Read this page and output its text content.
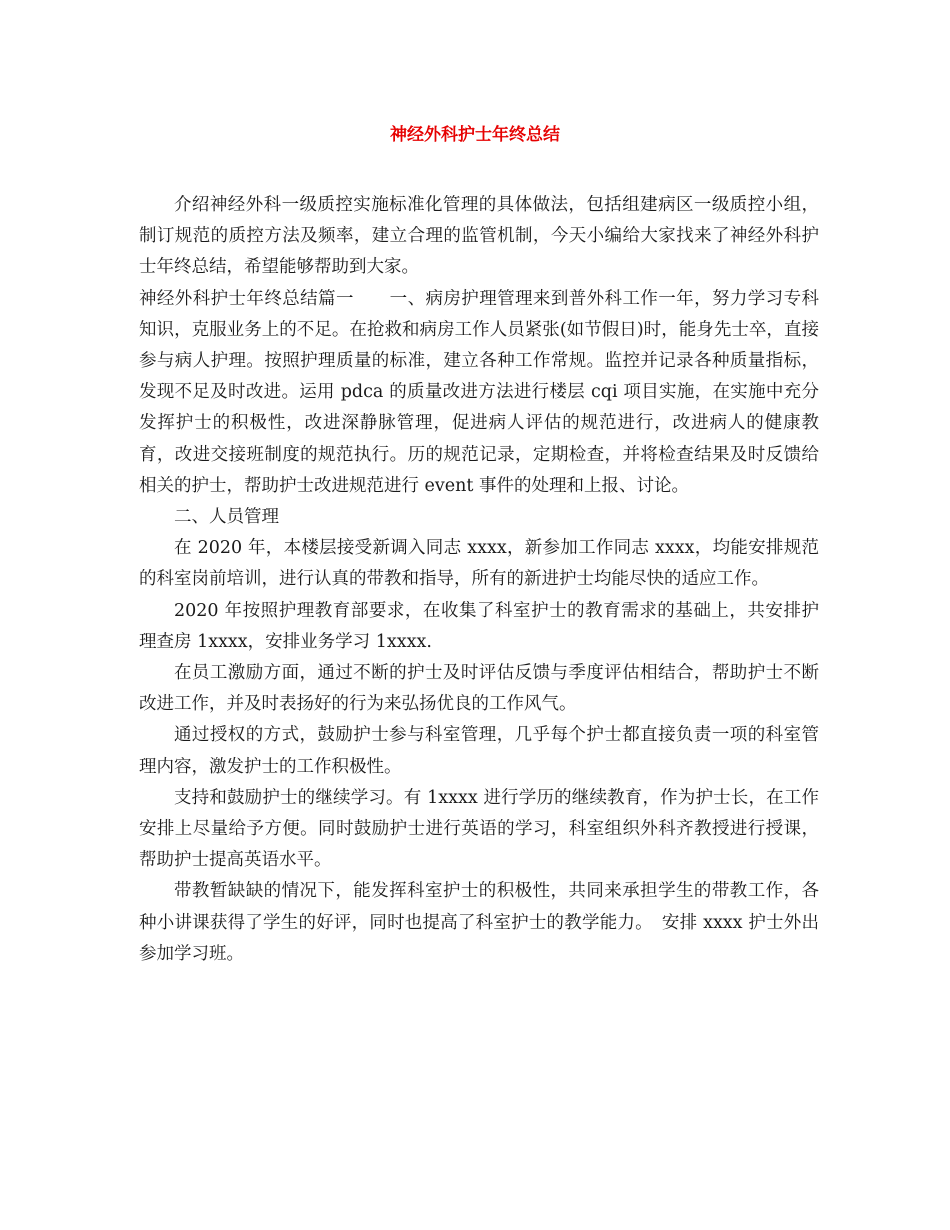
神经外科护士年终总结

介绍神经外科一级质控实施标准化管理的具体做法，包括组建病区一级质控小组，制订规范的质控方法及频率，建立合理的监管机制，今天小编给大家找来了神经外科护士年终总结，希望能够帮助到大家。

神经外科护士年终总结篇一　　一、病房护理管理来到普外科工作一年，努力学习专科知识，克服业务上的不足。在抢救和病房工作人员紧张(如节假日)时，能身先士卒，直接参与病人护理。按照护理质量的标准，建立各种工作常规。监控并记录各种质量指标，发现不足及时改进。运用 pdca 的质量改进方法进行楼层 cqi 项目实施，在实施中充分发挥护士的积极性，改进深静脉管理，促进病人评估的规范进行，改进病人的健康教育，改进交接班制度的规范执行。历的规范记录，定期检查，并将检查结果及时反馈给相关的护士，帮助护士改进规范进行 event 事件的处理和上报、讨论。

二、人员管理

在 2020 年，本楼层接受新调入同志 xxxx，新参加工作同志 xxxx，均能安排规范的科室岗前培训，进行认真的带教和指导，所有的新进护士均能尽快的适应工作。

2020 年按照护理教育部要求，在收集了科室护士的教育需求的基础上，共安排护理查房 1xxxx，安排业务学习 1xxxx.

在员工激励方面，通过不断的护士及时评估反馈与季度评估相结合，帮助护士不断改进工作，并及时表扬好的行为来弘扬优良的工作风气。

通过授权的方式，鼓励护士参与科室管理，几乎每个护士都直接负责一项的科室管理内容，激发护士的工作积极性。

支持和鼓励护士的继续学习。有 1xxxx 进行学历的继续教育，作为护士长，在工作安排上尽量给予方便。同时鼓励护士进行英语的学习，科室组织外科齐教授进行授课，帮助护士提高英语水平。

带教暂缺缺的情况下，能发挥科室护士的积极性，共同来承担学生的带教工作，各种小讲课获得了学生的好评，同时也提高了科室护士的教学能力。　安排 xxxx 护士外出参加学习班。
